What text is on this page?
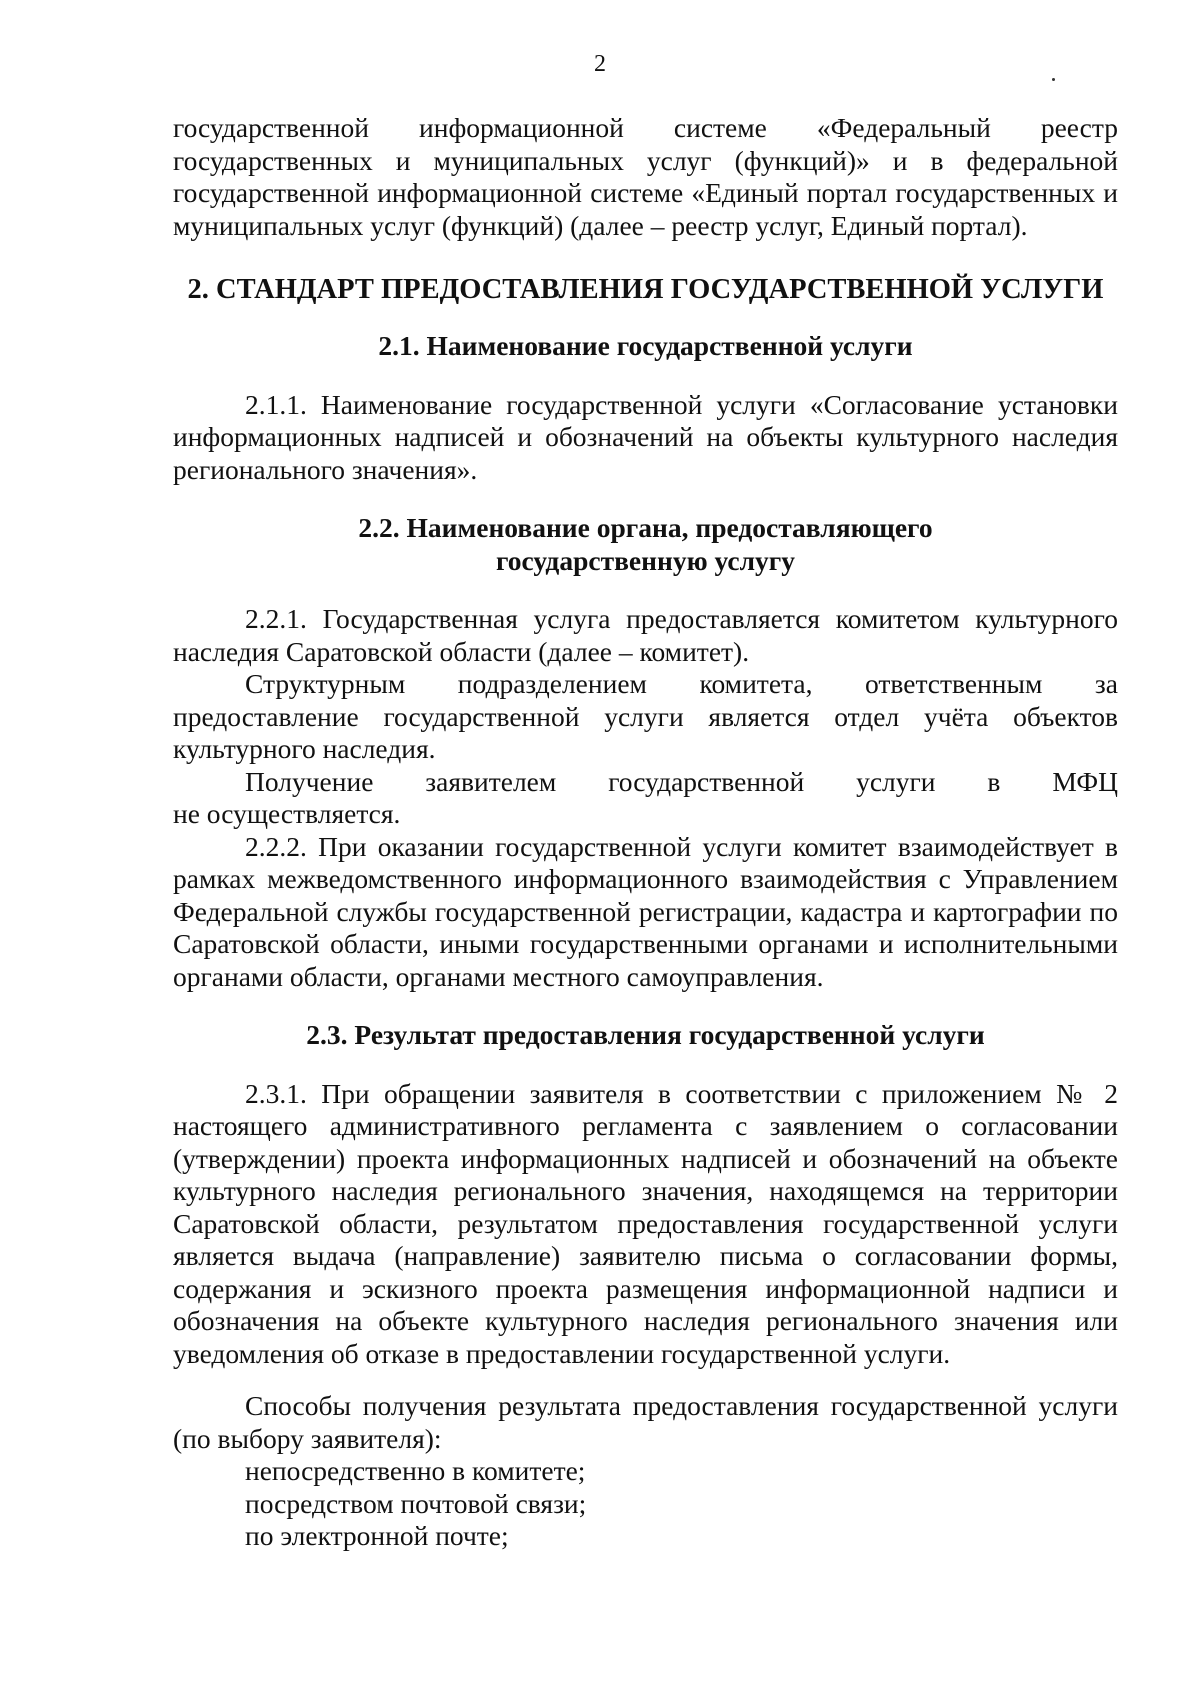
2

государственной информационной системе «Федеральный реестр государственных и муниципальных услуг (функций)» и в федеральной государственной информационной системе «Единый портал государственных и муниципальных услуг (функций) (далее – реестр услуг, Единый портал).

2. СТАНДАРТ ПРЕДОСТАВЛЕНИЯ ГОСУДАРСТВЕННОЙ УСЛУГИ
2.1. Наименование государственной услуги

2.1.1. Наименование государственной услуги «Согласование установки информационных надписей и обозначений на объекты культурного наследия регионального значения».

2.2. Наименование органа, предоставляющего
государственную услугу

2.2.1. Государственная услуга предоставляется комитетом культурного наследия Саратовской области (далее – комитет).

Структурным подразделением комитета, ответственным за предоставление государственной услуги является отдел учёта объектов культурного наследия.

Получение заявителем государственной услуги в МФЦ

не осуществляется.

2.2.2. При оказании государственной услуги комитет взаимодействует в рамках межведомственного информационного взаимодействия с Управлением Федеральной службы государственной регистрации, кадастра и картографии по Саратовской области, иными государственными органами и исполнительными органами области, органами местного самоуправления.

2.3. Результат предоставления государственной услуги

2.3.1. При обращении заявителя в соответствии с приложением № 2 настоящего административного регламента с заявлением о согласовании (утверждении) проекта информационных надписей и обозначений на объекте культурного наследия регионального значения, находящемся на территории Саратовской области, результатом предоставления государственной услуги является выдача (направление) заявителю письма о согласовании формы, содержания и эскизного проекта размещения информационной надписи и обозначения на объекте культурного наследия регионального значения или уведомления об отказе в предоставлении государственной услуги.

Способы получения результата предоставления государственной услуги (по выбору заявителя):

непосредственно в комитете;
посредством почтовой связи;
по электронной почте;
